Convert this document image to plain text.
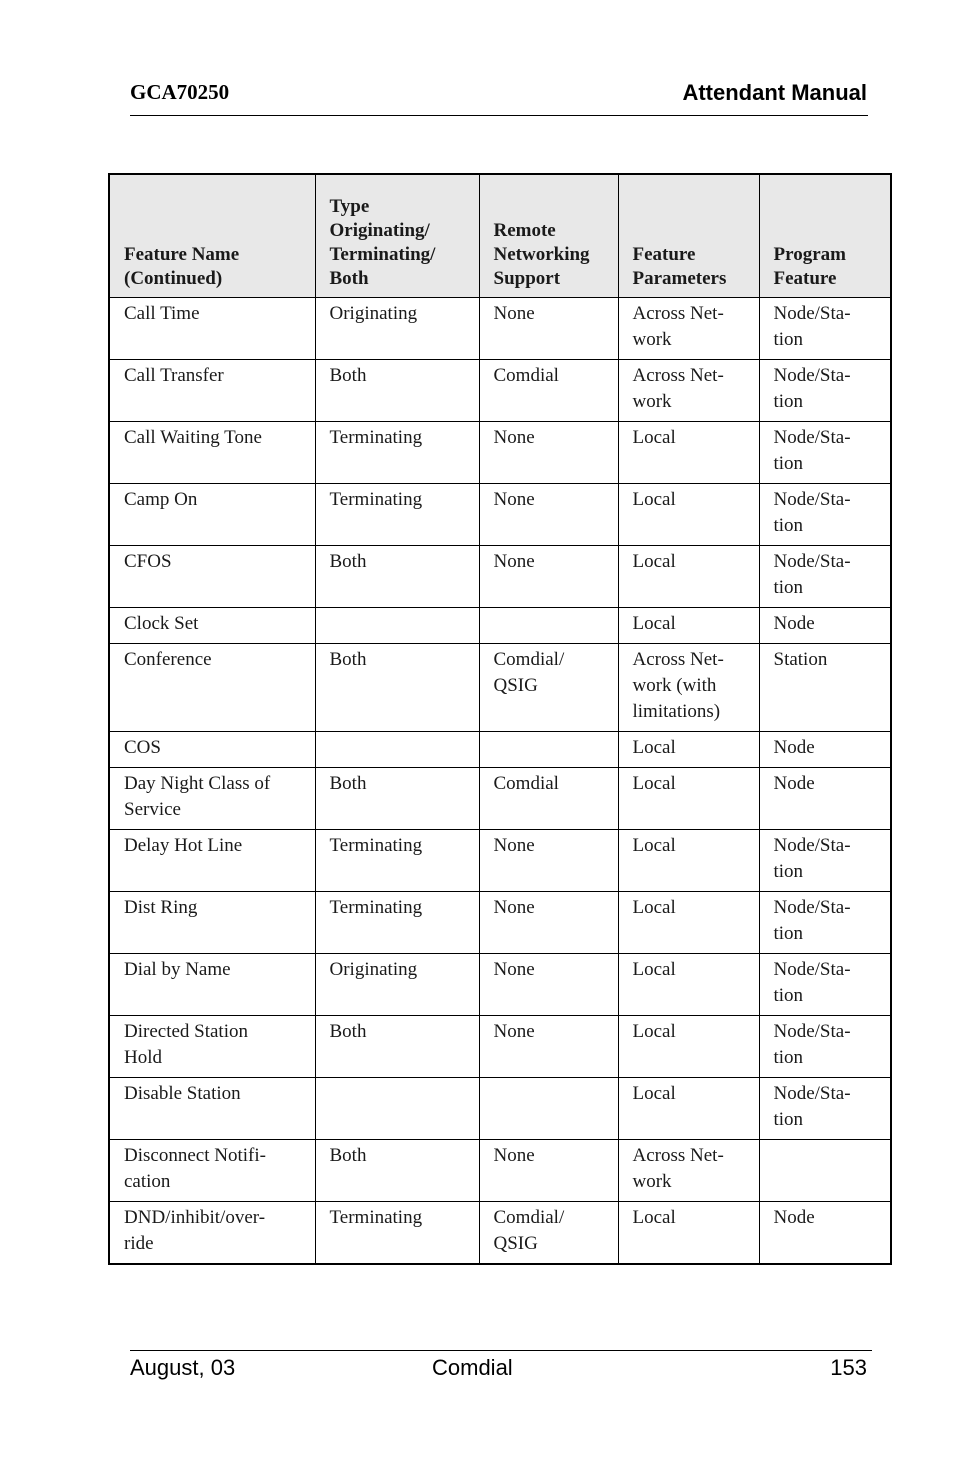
GCA70250	Attendant Manual
Feature Name
(Continued)	Type
Originating/
Terminating/
Both	Remote
Networking
Support	Feature
Parameters	Program
Feature

Call Time	Originating	None	Across Net-
work	Node/Sta-
tion

Call Transfer	Both	Comdial	Across Net-
work	Node/Sta-
tion

Call Waiting Tone	Terminating	None	Local	Node/Sta-
tion

Camp On	Terminating	None	Local	Node/Sta-
tion

CFOS	Both	None	Local	Node/Sta-
tion

Clock Set			Local	Node

Conference	Both	Comdial/
QSIG	Across Net-
work (with
limitations)	Station

COS			Local	Node

Day Night Class of
Service	Both	Comdial	Local	Node

Delay Hot Line	Terminating	None	Local	Node/Sta-
tion

Dist Ring	Terminating	None	Local	Node/Sta-
tion

Dial by Name	Originating	None	Local	Node/Sta-
tion

Directed Station
Hold	Both	None	Local	Node/Sta-
tion

Disable Station			Local	Node/Sta-
tion

Disconnect Notifi-
cation	Both	None	Across Net-
work	

DND/inhibit/over-
ride	Terminating	Comdial/
QSIG	Local	Node
August, 03	Comdial	153
